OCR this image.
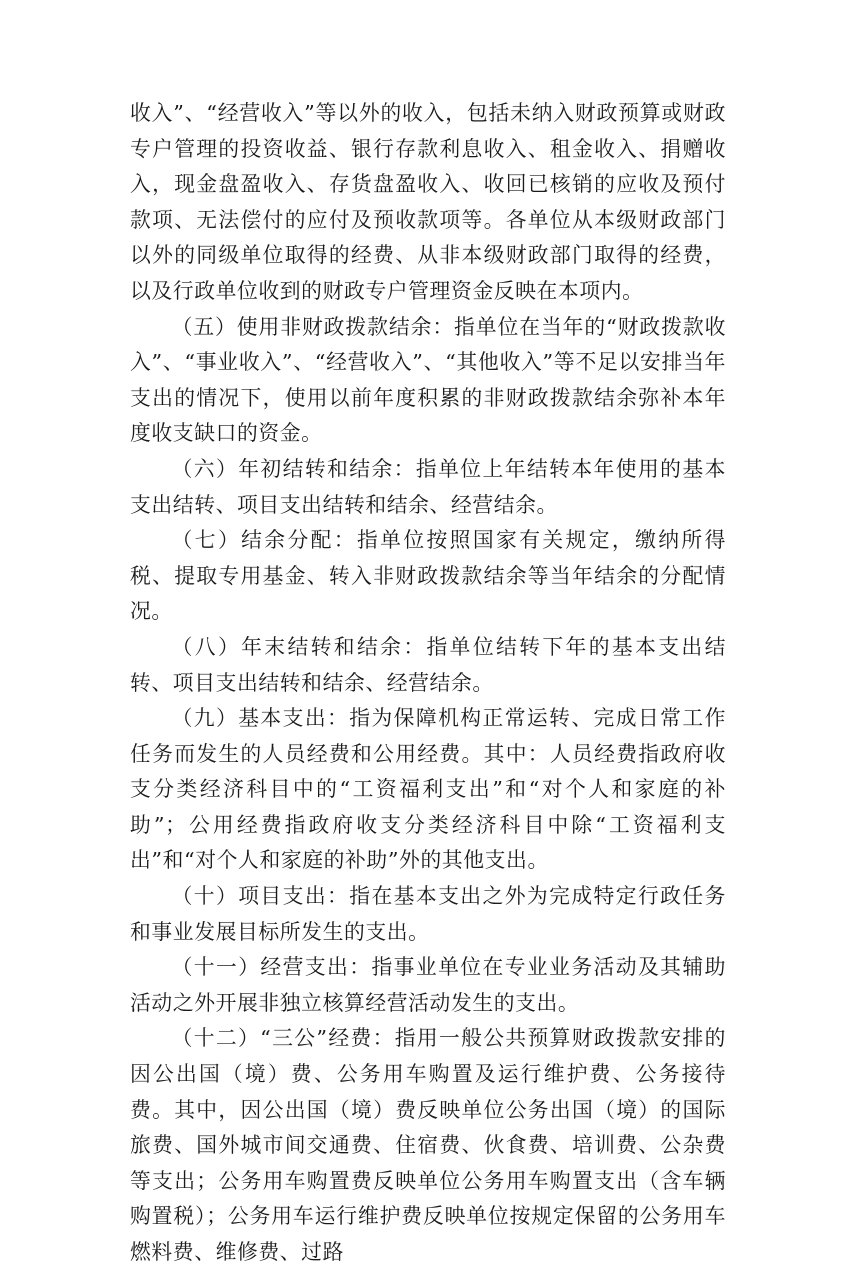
收入”、“经营收入”等以外的收入，包括未纳入财政预算或财政专户管理的投资收益、银行存款利息收入、租金收入、捐赠收入，现金盘盈收入、存货盘盈收入、收回已核销的应收及预付款项、无法偿付的应付及预收款项等。各单位从本级财政部门以外的同级单位取得的经费、从非本级财政部门取得的经费，以及行政单位收到的财政专户管理资金反映在本项内。

（五）使用非财政拨款结余：指单位在当年的“财政拨款收入”、“事业收入”、“经营收入”、“其他收入”等不足以安排当年支出的情况下，使用以前年度积累的非财政拨款结余弥补本年度收支缺口的资金。

（六）年初结转和结余：指单位上年结转本年使用的基本支出结转、项目支出结转和结余、经营结余。

（七）结余分配：指单位按照国家有关规定，缴纳所得税、提取专用基金、转入非财政拨款结余等当年结余的分配情况。

（八）年末结转和结余：指单位结转下年的基本支出结转、项目支出结转和结余、经营结余。

（九）基本支出：指为保障机构正常运转、完成日常工作任务而发生的人员经费和公用经费。其中：人员经费指政府收支分类经济科目中的“工资福利支出”和“对个人和家庭的补助”；公用经费指政府收支分类经济科目中除“工资福利支出”和“对个人和家庭的补助”外的其他支出。

（十）项目支出：指在基本支出之外为完成特定行政任务和事业发展目标所发生的支出。

（十一）经营支出：指事业单位在专业业务活动及其辅助活动之外开展非独立核算经营活动发生的支出。

（十二）“三公”经费：指用一般公共预算财政拨款安排的因公出国（境）费、公务用车购置及运行维护费、公务接待费。其中，因公出国（境）费反映单位公务出国（境）的国际旅费、国外城市间交通费、住宿费、伙食费、培训费、公杂费等支出；公务用车购置费反映单位公务用车购置支出（含车辆购置税）；公务用车运行维护费反映单位按规定保留的公务用车燃料费、维修费、过路
